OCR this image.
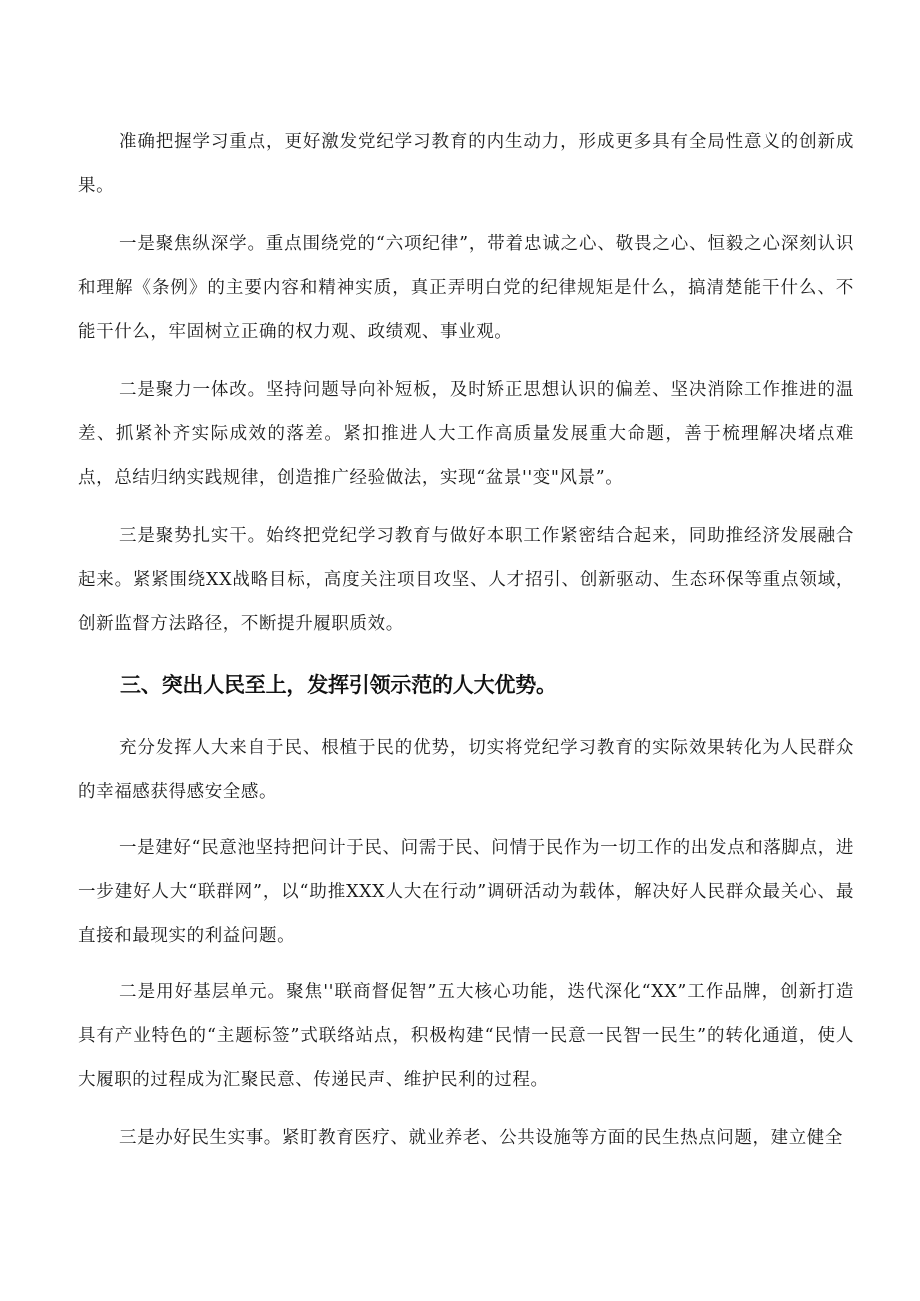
准确把握学习重点，更好激发党纪学习教育的内生动力，形成更多具有全局性意义的创新成果。

一是聚焦纵深学。重点围绕党的“六项纪律”，带着忠诚之心、敬畏之心、恒毅之心深刻认识和理解《条例》的主要内容和精神实质，真正弄明白党的纪律规矩是什么，搞清楚能干什么、不能干什么，牢固树立正确的权力观、政绩观、事业观。

二是聚力一体改。坚持问题导向补短板，及时矫正思想认识的偏差、坚决消除工作推进的温差、抓紧补齐实际成效的落差。紧扣推进人大工作高质量发展重大命题，善于梳理解决堵点难点，总结归纳实践规律，创造推广经验做法，实现“盆景''变"风景”。

三是聚势扎实干。始终把党纪学习教育与做好本职工作紧密结合起来，同助推经济发展融合起来。紧紧围绕XX战略目标，高度关注项目攻坚、人才招引、创新驱动、生态环保等重点领域，创新监督方法路径，不断提升履职质效。

三、突出人民至上，发挥引领示范的人大优势。

充分发挥人大来自于民、根植于民的优势，切实将党纪学习教育的实际效果转化为人民群众的幸福感获得感安全感。

一是建好“民意池坚持把问计于民、问需于民、问情于民作为一切工作的出发点和落脚点，进一步建好人大“联群网”，以“助推XXX人大在行动”调研活动为载体，解决好人民群众最关心、最直接和最现实的利益问题。

二是用好基层单元。聚焦''联商督促智”五大核心功能，迭代深化“XX”工作品牌，创新打造具有产业特色的“主题标签”式联络站点，积极构建“民情一民意一民智一民生”的转化通道，使人大履职的过程成为汇聚民意、传递民声、维护民利的过程。

三是办好民生实事。紧盯教育医疗、就业养老、公共设施等方面的民生热点问题，建立健全
